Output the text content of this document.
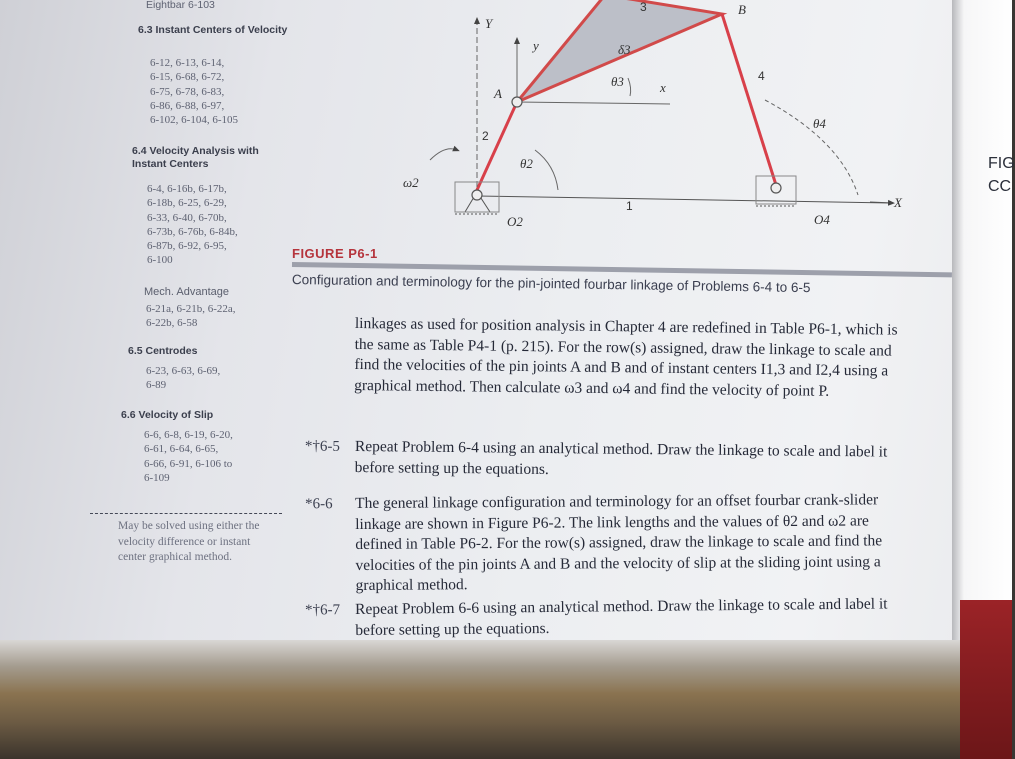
FIG
CC
Eightbar 6-103
6.3 Instant Centers of Velocity
6-12, 6-13, 6-14,
6-15, 6-68, 6-72,
6-75, 6-78, 6-83,
6-86, 6-88, 6-97,
6-102, 6-104, 6-105
6.4 Velocity Analysis with Instant Centers
6-4, 6-16b, 6-17b,
6-18b, 6-25, 6-29,
6-33, 6-40, 6-70b,
6-73b, 6-76b, 6-84b,
6-87b, 6-92, 6-95,
6-100
Mech. Advantage
6-21a, 6-21b, 6-22a,
6-22b, 6-58
6.5 Centrodes
6-23, 6-63, 6-69,
6-89
6.6 Velocity of Slip
6-6, 6-8, 6-19, 6-20,
6-61, 6-64, 6-65,
6-66, 6-91, 6-106 to
6-109
May be solved using either the velocity difference or instant center graphical method.
Y
y
x
X
A
B
θ3
θ2
θ4
δ3
ω2
O2	O4
2
3
4
1
FIGURE P6-1
Configuration and terminology for the pin-jointed fourbar linkage of Problems 6-4 to 6-5
linkages as used for position analysis in Chapter 4 are redefined in Table P6-1, which is
the same as Table P4-1 (p. 215). For the row(s) assigned, draw the linkage to scale and
find the velocities of the pin joints A and B and of instant centers I1,3 and I2,4 using a
graphical method. Then calculate ω3 and ω4 and find the velocity of point P.
*†6-5 Repeat Problem 6-4 using an analytical method. Draw the linkage to scale and label it
before setting up the equations.
*6-6 The general linkage configuration and terminology for an offset fourbar crank-slider
linkage are shown in Figure P6-2. The link lengths and the values of θ2 and ω2 are
defined in Table P6-2. For the row(s) assigned, draw the linkage to scale and find the
velocities of the pin joints A and B and the velocity of slip at the sliding joint using a
graphical method.
*†6-7 Repeat Problem 6-6 using an analytical method. Draw the linkage to scale and label it
before setting up the equations.
